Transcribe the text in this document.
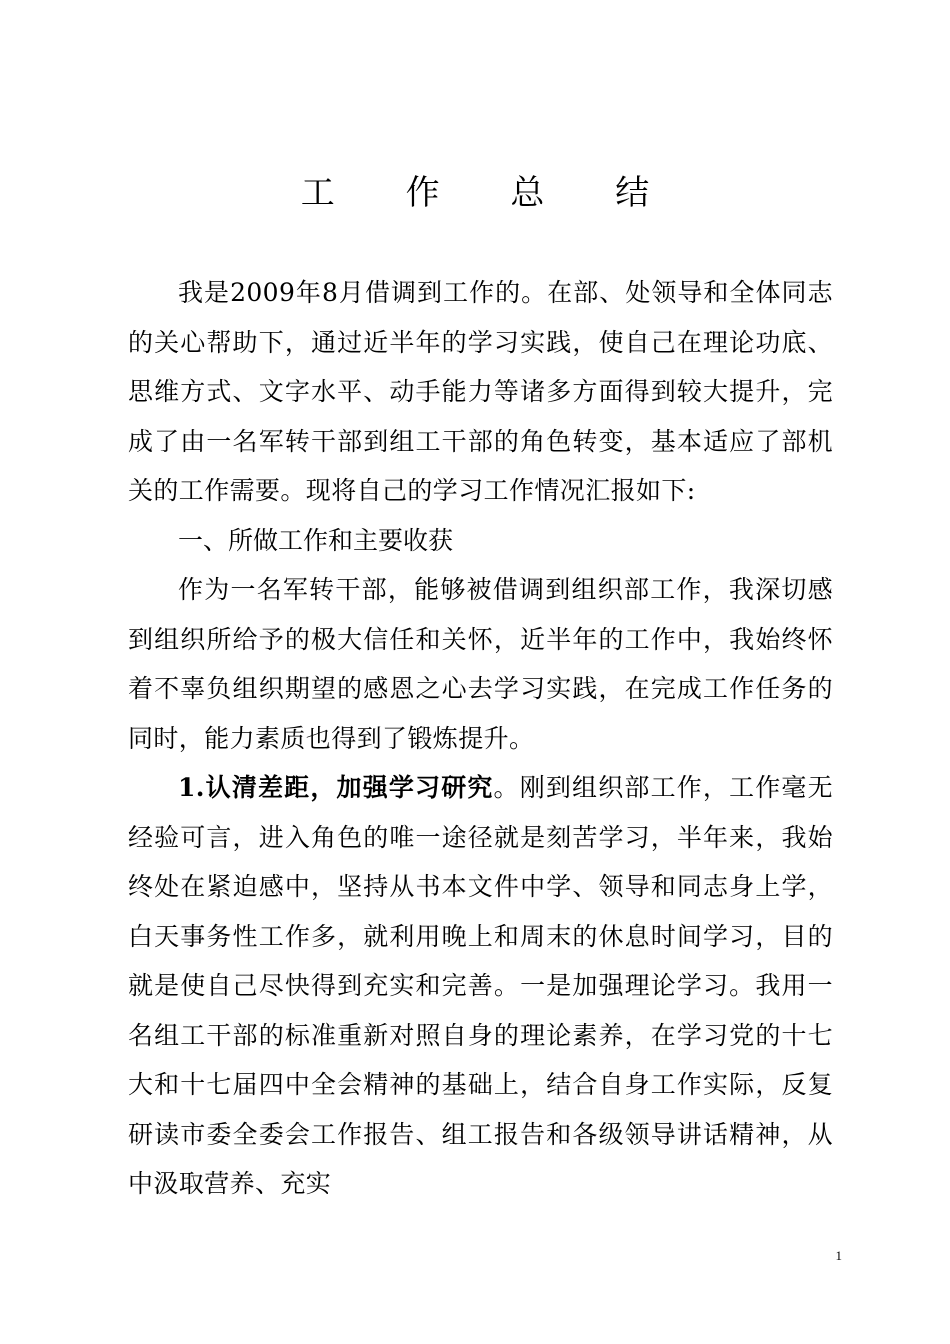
工 作 总 结

我是2009年8月借调到工作的。在部、处领导和全体同志的关心帮助下，通过近半年的学习实践，使自己在理论功底、思维方式、文字水平、动手能力等诸多方面得到较大提升，完成了由一名军转干部到组工干部的角色转变，基本适应了部机关的工作需要。现将自己的学习工作情况汇报如下:

一、所做工作和主要收获

作为一名军转干部，能够被借调到组织部工作，我深切感到组织所给予的极大信任和关怀，近半年的工作中，我始终怀着不辜负组织期望的感恩之心去学习实践，在完成工作任务的同时，能力素质也得到了锻炼提升。

1.认清差距，加强学习研究。刚到组织部工作，工作毫无经验可言，进入角色的唯一途径就是刻苦学习，半年来，我始终处在紧迫感中，坚持从书本文件中学、领导和同志身上学，白天事务性工作多，就利用晚上和周末的休息时间学习，目的就是使自己尽快得到充实和完善。一是加强理论学习。我用一名组工干部的标准重新对照自身的理论素养，在学习党的十七大和十七届四中全会精神的基础上，结合自身工作实际，反复研读市委全委会工作报告、组工报告和各级领导讲话精神，从中汲取营养、充实

1
